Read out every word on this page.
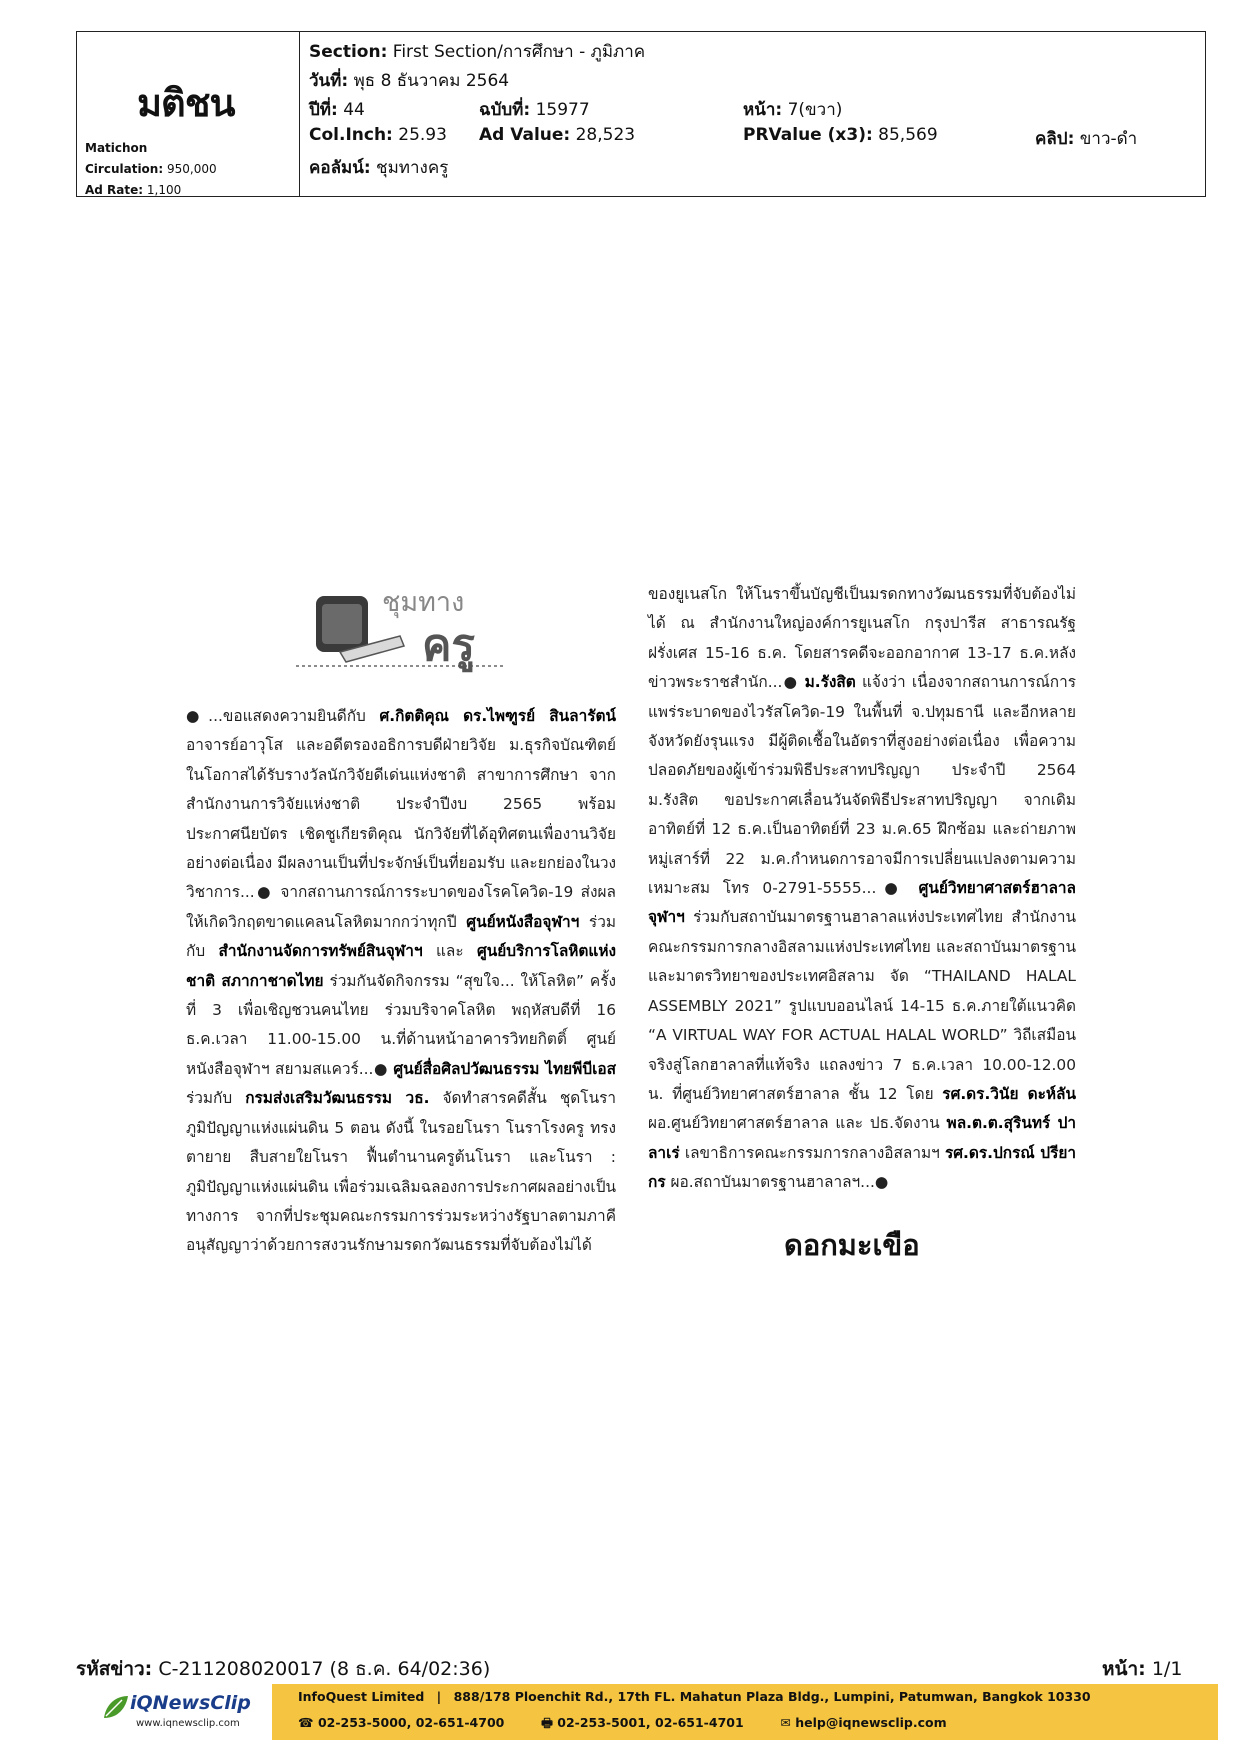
มติชน
Matichon
Circulation: 950,000
Ad Rate: 1,100
Section: First Section/การศึกษา - ภูมิภาค
วันที่: พุธ 8 ธันวาคม 2564
ปีที่: 44	ฉบับที่: 15977	หน้า: 7(ขวา)
Col.Inch: 25.93 Ad Value: 28,523	PRValue (x3): 85,569	คลิป: ขาว-ดำ
คอลัมน์: ชุมทางครู
ชุมทาง
ครู
●...ขอแสดงความยินดีกับ ศ.กิตติคุณ ดร.ไพฑูรย์ สินลารัตน์ อาจารย์อาวุโส และอดีตรองอธิการบดีฝ่ายวิจัย ม.ธุรกิจบัณฑิตย์ ในโอกาสได้รับรางวัลนักวิจัยดีเด่นแห่งชาติ สาขาการศึกษา จาก สำนักงานการวิจัยแห่งชาติ ประจำปีงบ 2565 พร้อมประกาศนียบัตร เชิดชูเกียรติคุณ นักวิจัยที่ได้อุทิศตนเพื่องานวิจัยอย่างต่อเนื่อง มีผลงานเป็นที่ประจักษ์เป็นที่ยอมรับ และยกย่องในวงวิชาการ...● จากสถานการณ์การระบาดของโรคโควิด-19 ส่งผลให้เกิดวิกฤตขาดแคลนโลหิตมากกว่าทุกปี ศูนย์หนังสือจุฬาฯ ร่วมกับ สำนักงานจัดการทรัพย์สินจุฬาฯ และ ศูนย์บริการโลหิตแห่งชาติ สภากาชาดไทย ร่วมกันจัดกิจกรรม “สุขใจ... ให้โลหิต” ครั้งที่ 3 เพื่อเชิญชวนคนไทย ร่วมบริจาคโลหิต พฤหัสบดีที่ 16 ธ.ค.เวลา 11.00-15.00 น.ที่ด้านหน้าอาคารวิทยกิตติ์ ศูนย์หนังสือจุฬาฯ สยามสแควร์...● ศูนย์สื่อศิลปวัฒนธรรม ไทยพีบีเอส ร่วมกับ กรมส่งเสริมวัฒนธรรม วธ. จัดทำสารคดีสั้น ชุดโนราภูมิปัญญาแห่งแผ่นดิน 5 ตอน ดังนี้ ในรอยโนรา โนราโรงครู ทรงตายาย สืบสายใยโนรา ฟื้นตำนานครูต้นโนรา และโนรา : ภูมิปัญญาแห่งแผ่นดิน เพื่อร่วมเฉลิมฉลองการประกาศผลอย่างเป็นทางการ จากที่ประชุมคณะกรรมการร่วมระหว่างรัฐบาลตามภาคีอนุสัญญาว่าด้วยการสงวนรักษามรดกวัฒนธรรมที่จับต้องไม่ได้
ของยูเนสโก ให้โนราขึ้นบัญชีเป็นมรดกทางวัฒนธรรมที่จับต้องไม่ได้ ณ สำนักงานใหญ่องค์การยูเนสโก กรุงปารีส สาธารณรัฐฝรั่งเศส 15-16 ธ.ค. โดยสารคดีจะออกอากาศ 13-17 ธ.ค.หลังข่าวพระราชสำนัก...● ม.รังสิต แจ้งว่า เนื่องจากสถานการณ์การแพร่ระบาดของไวรัสโควิด-19 ในพื้นที่ จ.ปทุมธานี และอีกหลายจังหวัดยังรุนแรง มีผู้ติดเชื้อในอัตราที่สูงอย่างต่อเนื่อง เพื่อความปลอดภัยของผู้เข้าร่วมพิธีประสาทปริญญา ประจำปี 2564 ม.รังสิต ขอประกาศเลื่อนวันจัดพิธีประสาทปริญญา จากเดิมอาทิตย์ที่ 12 ธ.ค.เป็นอาทิตย์ที่ 23 ม.ค.65 ฝึกซ้อม และถ่ายภาพหมู่เสาร์ที่ 22 ม.ค.กำหนดการอาจมีการเปลี่ยนแปลงตามความเหมาะสม โทร 0-2791-5555...● ศูนย์วิทยาศาสตร์ฮาลาล จุฬาฯ ร่วมกับสถาบันมาตรฐานฮาลาลแห่งประเทศไทย สำนักงานคณะกรรมการกลางอิสลามแห่งประเทศไทย และสถาบันมาตรฐานและมาตรวิทยาของประเทศอิสลาม จัด “THAILAND HALAL ASSEMBLY 2021” รูปแบบออนไลน์ 14-15 ธ.ค.ภายใต้แนวคิด “A VIRTUAL WAY FOR ACTUAL HALAL WORLD” วิถีเสมือนจริงสู่โลกฮาลาลที่แท้จริง แถลงข่าว 7 ธ.ค.เวลา 10.00-12.00 น. ที่ศูนย์วิทยาศาสตร์ฮาลาล ชั้น 12 โดย รศ.ดร.วินัย ดะห์ลัน ผอ.ศูนย์วิทยาศาสตร์ฮาลาล และ ปธ.จัดงาน พล.ต.ต.สุรินทร์ ปาลาเร่ เลขาธิการคณะกรรมการกลางอิสลามฯ รศ.ดร.ปกรณ์ ปรียากร ผอ.สถาบันมาตรฐานฮาลาลฯ...●
ดอกมะเขือ
รหัสข่าว: C-211208020017 (8 ธ.ค. 64/02:36)	หน้า: 1/1
iQNewsClip
www.iqnewsclip.com
InfoQuest Limited | 888/178 Ploenchit Rd., 17th FL. Mahatun Plaza Bldg., Lumpini, Patumwan, Bangkok 10330
☎ 02-253-5000, 02-651-4700	🖶 02-253-5001, 02-651-4701	✉ help@iqnewsclip.com
